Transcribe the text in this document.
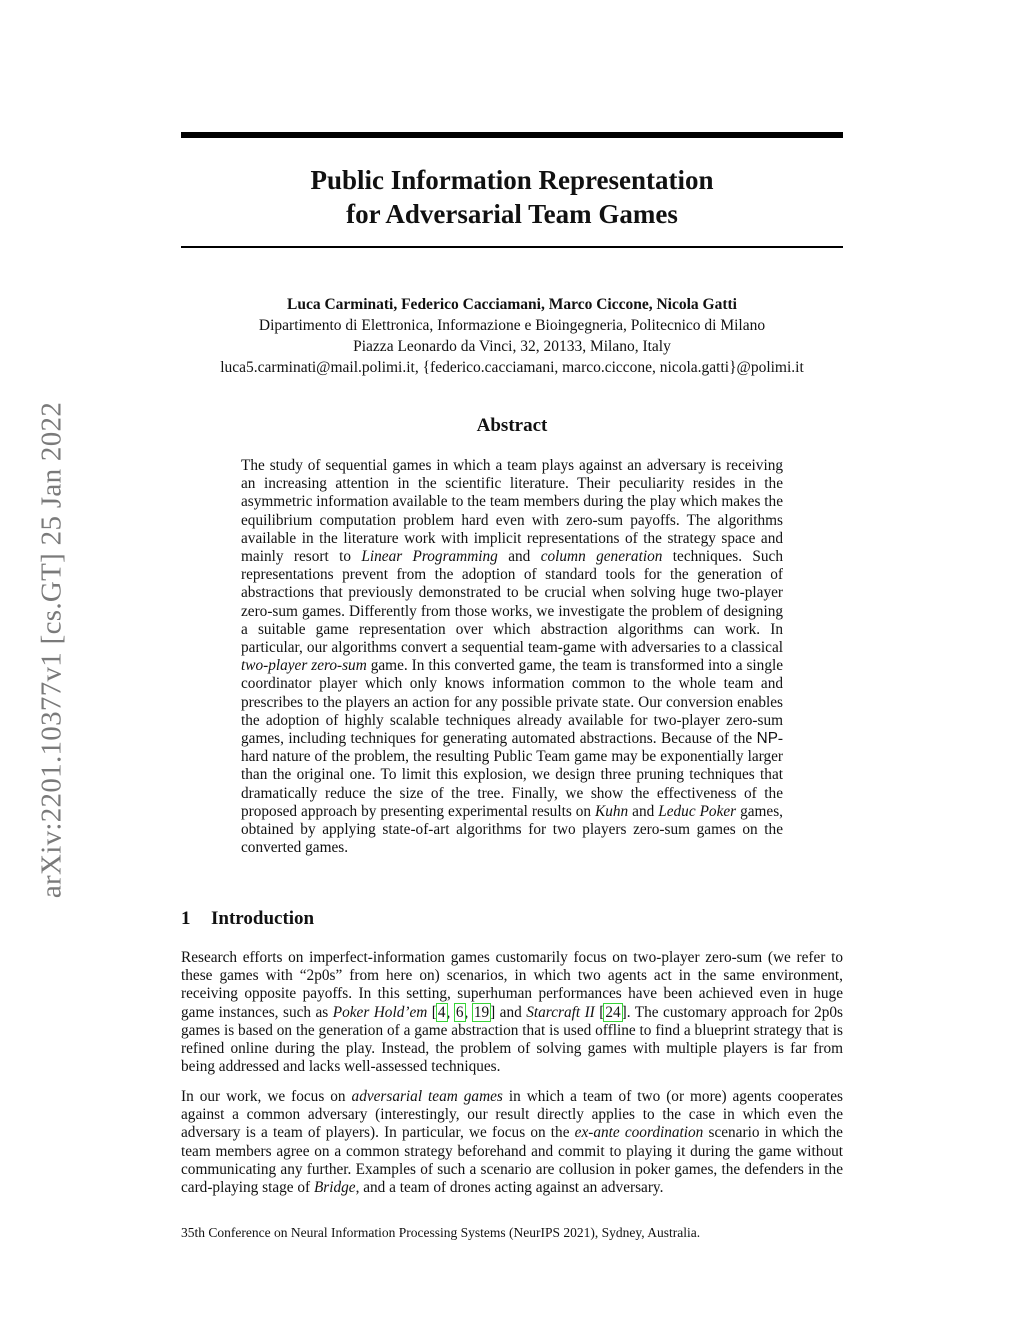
arXiv:2201.10377v1 [cs.GT] 25 Jan 2022
Public Information Representation
for Adversarial Team Games
Luca Carminati, Federico Cacciamani, Marco Ciccone, Nicola Gatti
Dipartimento di Elettronica, Informazione e Bioingegneria, Politecnico di Milano
Piazza Leonardo da Vinci, 32, 20133, Milano, Italy
luca5.carminati@mail.polimi.it, {federico.cacciamani, marco.ciccone, nicola.gatti}@polimi.it
Abstract
The study of sequential games in which a team plays against an adversary is receiving an increasing attention in the scientific literature. Their peculiarity resides in the asymmetric information available to the team members during the play which makes the equilibrium computation problem hard even with zero-sum payoffs. The algorithms available in the literature work with implicit representations of the strategy space and mainly resort to Linear Programming and column generation techniques. Such representations prevent from the adoption of standard tools for the generation of abstractions that previously demonstrated to be crucial when solving huge two-player zero-sum games. Differently from those works, we investigate the problem of designing a suitable game representation over which abstraction algorithms can work. In particular, our algorithms convert a sequential team-game with adversaries to a classical two-player zero-sum game. In this converted game, the team is transformed into a single coordinator player which only knows information common to the whole team and prescribes to the players an action for any possible private state. Our conversion enables the adoption of highly scalable techniques already available for two-player zero-sum games, including techniques for generating automated abstractions. Because of the NP-hard nature of the problem, the resulting Public Team game may be exponentially larger than the original one. To limit this explosion, we design three pruning techniques that dramatically reduce the size of the tree. Finally, we show the effectiveness of the proposed approach by presenting experimental results on Kuhn and Leduc Poker games, obtained by applying state-of-art algorithms for two players zero-sum games on the converted games.
1 Introduction
Research efforts on imperfect-information games customarily focus on two-player zero-sum (we refer to these games with “2p0s” from here on) scenarios, in which two agents act in the same environment, receiving opposite payoffs. In this setting, superhuman performances have been achieved even in huge game instances, such as Poker Hold’em [4, 6, 19] and Starcraft II [24]. The customary approach for 2p0s games is based on the generation of a game abstraction that is used offline to find a blueprint strategy that is refined online during the play. Instead, the problem of solving games with multiple players is far from being addressed and lacks well-assessed techniques.
In our work, we focus on adversarial team games in which a team of two (or more) agents cooperates against a common adversary (interestingly, our result directly applies to the case in which even the adversary is a team of players). In particular, we focus on the ex-ante coordination scenario in which the team members agree on a common strategy beforehand and commit to playing it during the game without communicating any further. Examples of such a scenario are collusion in poker games, the defenders in the card-playing stage of Bridge, and a team of drones acting against an adversary.
35th Conference on Neural Information Processing Systems (NeurIPS 2021), Sydney, Australia.
